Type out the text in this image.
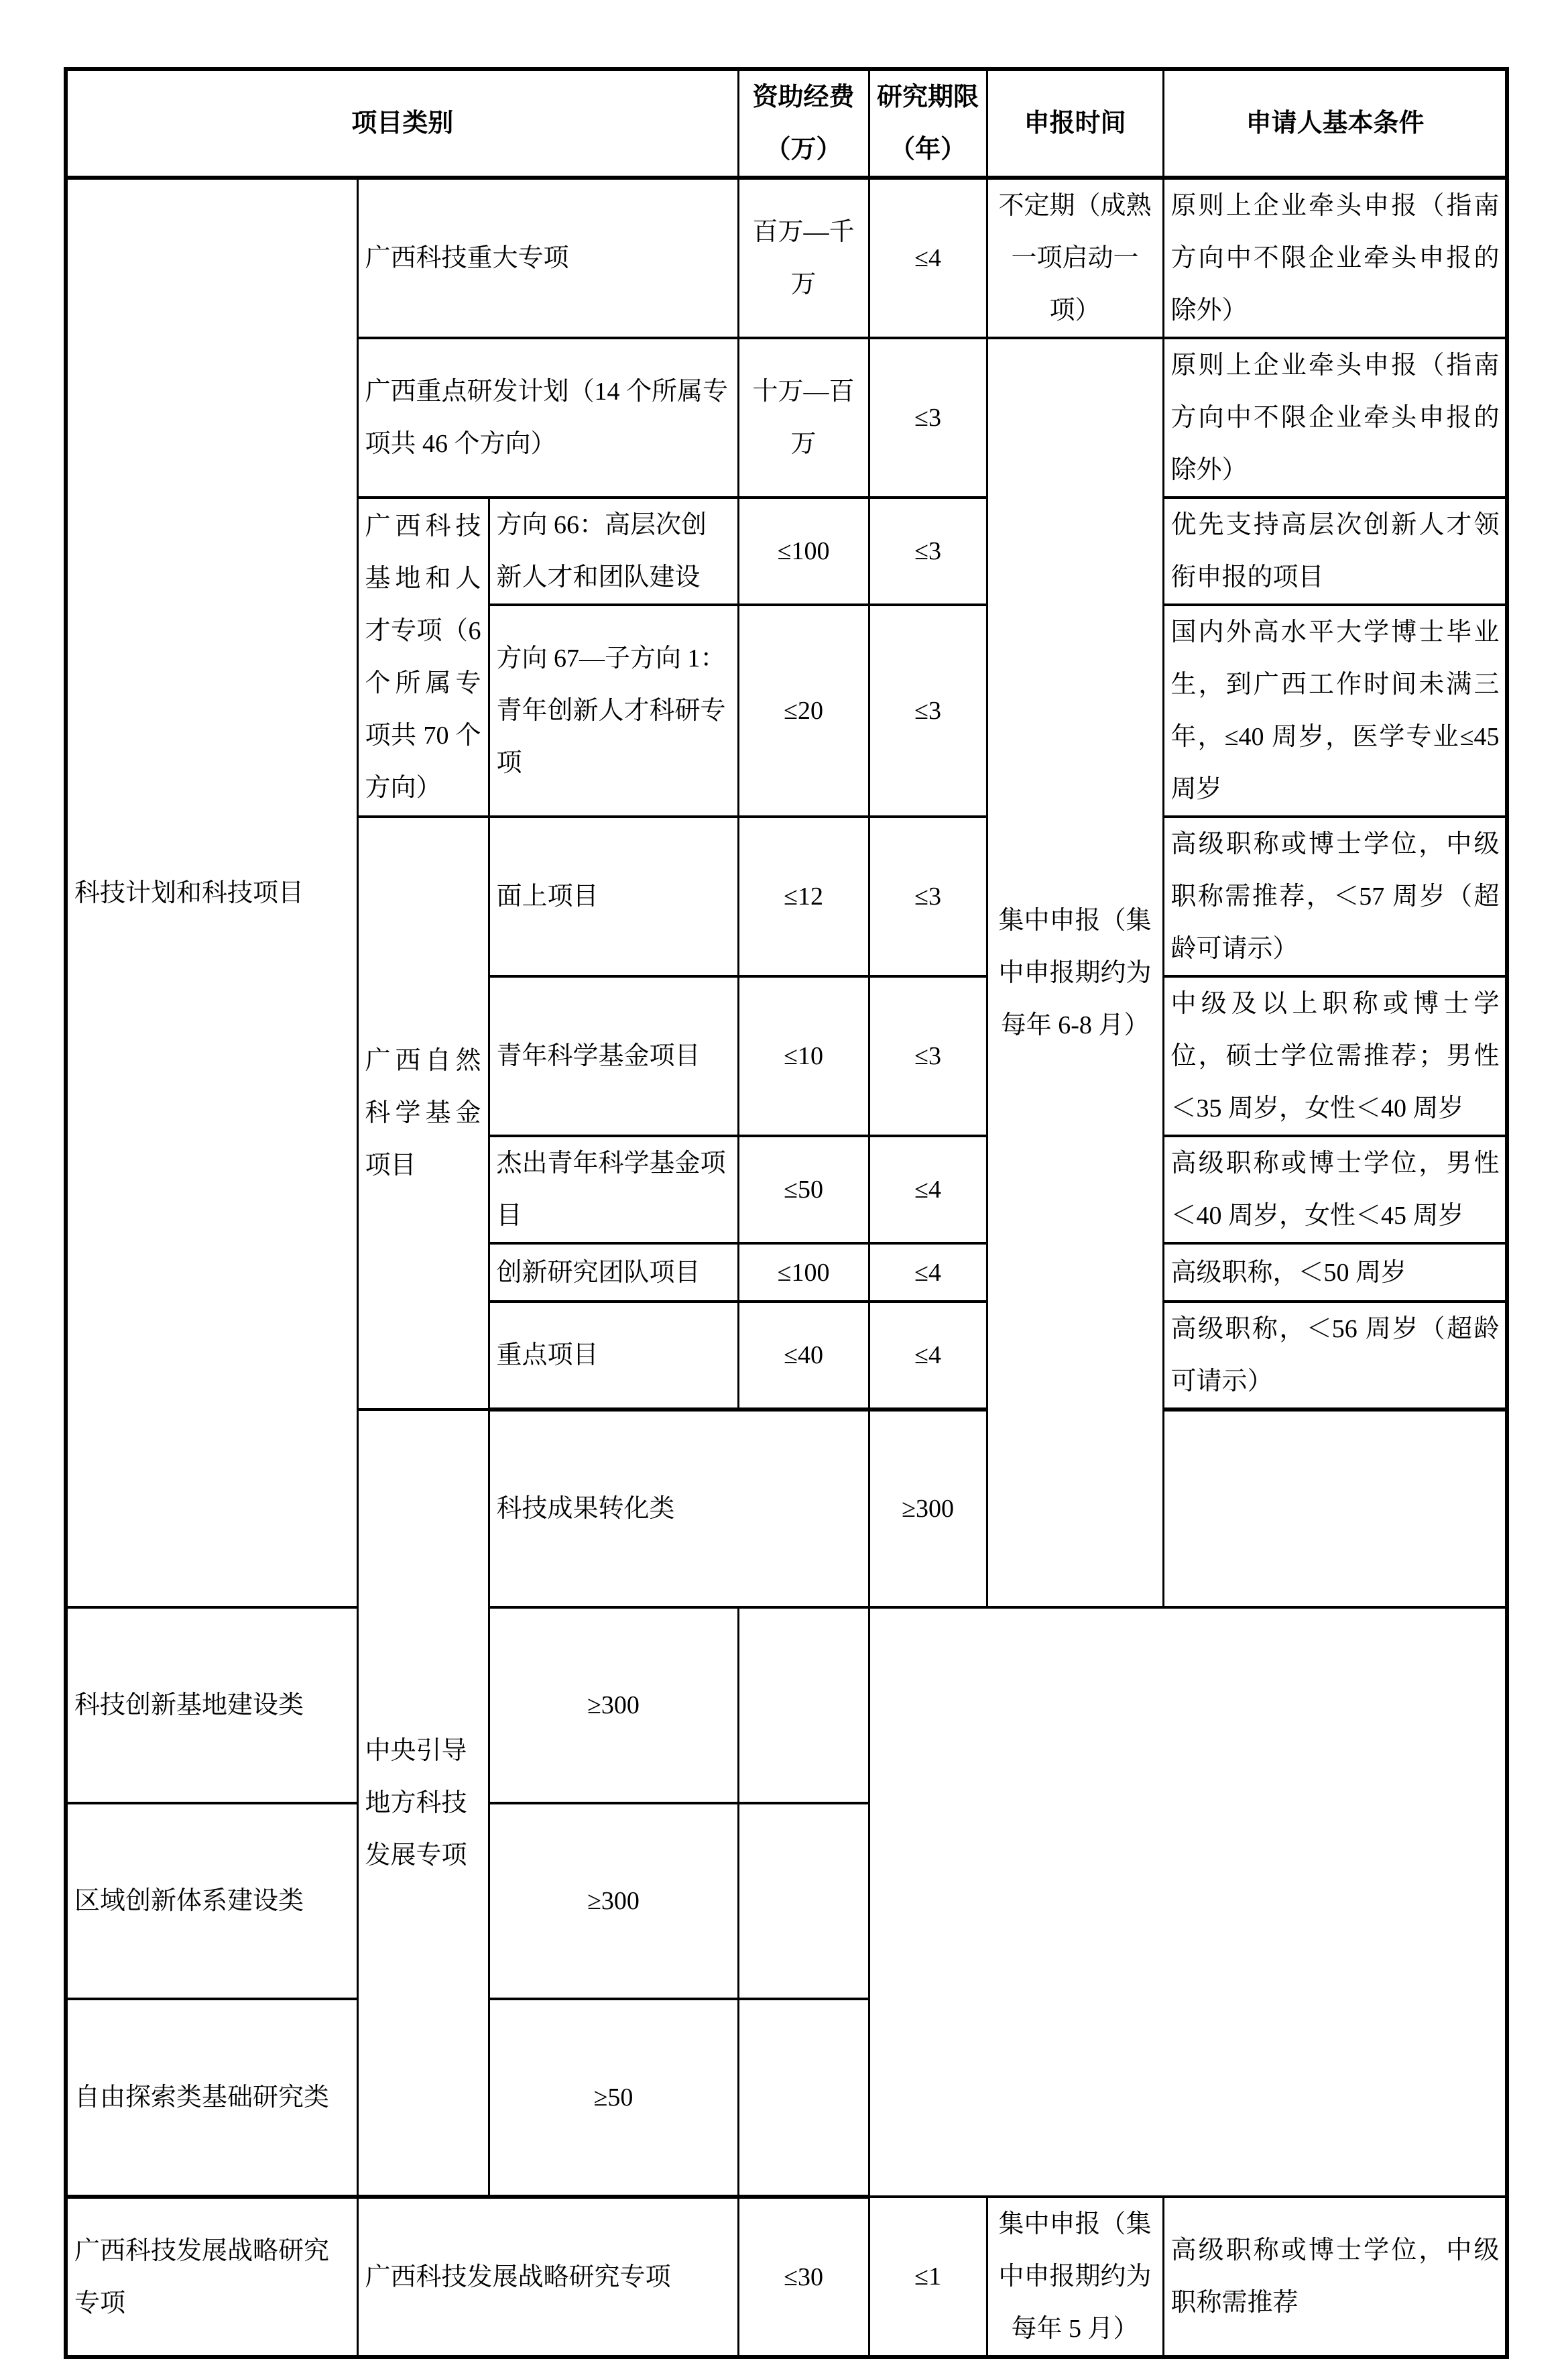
项目类别			资助经费（万）	研究期限（年）	申报时间	申请人基本条件	
科技计划和科技项目	广西科技重大专项		百万—千万	≤4	不定期（成熟一项启动一项）	原则上企业牵头申报（指南方向中不限企业牵头申报的除外）	
	广西重点研发计划（14 个所属专项共 46 个方向）		十万—百万	≤3	集中申报（集中申报期约为每年 6-8 月）	原则上企业牵头申报（指南方向中不限企业牵头申报的除外）	
	广西科技基地和人才专项（6 个所属专项共 70 个方向）	方向 66：高层次创新人才和团队建设	≤100	≤3		优先支持高层次创新人才领衔申报的项目	
		方向 67—子方向 1：青年创新人才科研专项	≤20	≤3		国内外高水平大学博士毕业生，到广西工作时间未满三年，≤40 周岁，医学专业≤45 周岁	
	广西自然科学基金项目	面上项目	≤12	≤3		高级职称或博士学位，中级职称需推荐，＜57 周岁（超龄可请示）	
		青年科学基金项目	≤10	≤3		中级及以上职称或博士学位，硕士学位需推荐；男性＜35 周岁，女性＜40 周岁	
		杰出青年科学基金项目	≤50	≤4		高级职称或博士学位，男性＜40 周岁，女性＜45 周岁	
		创新研究团队项目	≤100	≤4		高级职称，＜50 周岁	
		重点项目	≤40	≤4		高级职称，＜56 周岁（超龄可请示）	
	中央引导地方科技发展专项	科技成果转化类		≥300			
科技创新基地建设类		≥300					
区域创新体系建设类		≥300					
自由探索类基础研究类		≥50					
广西科技发展战略研究专项	广西科技发展战略研究专项		≤30	≤1	集中申报（集中申报期约为每年 5 月）	高级职称或博士学位，中级职称需推荐	
